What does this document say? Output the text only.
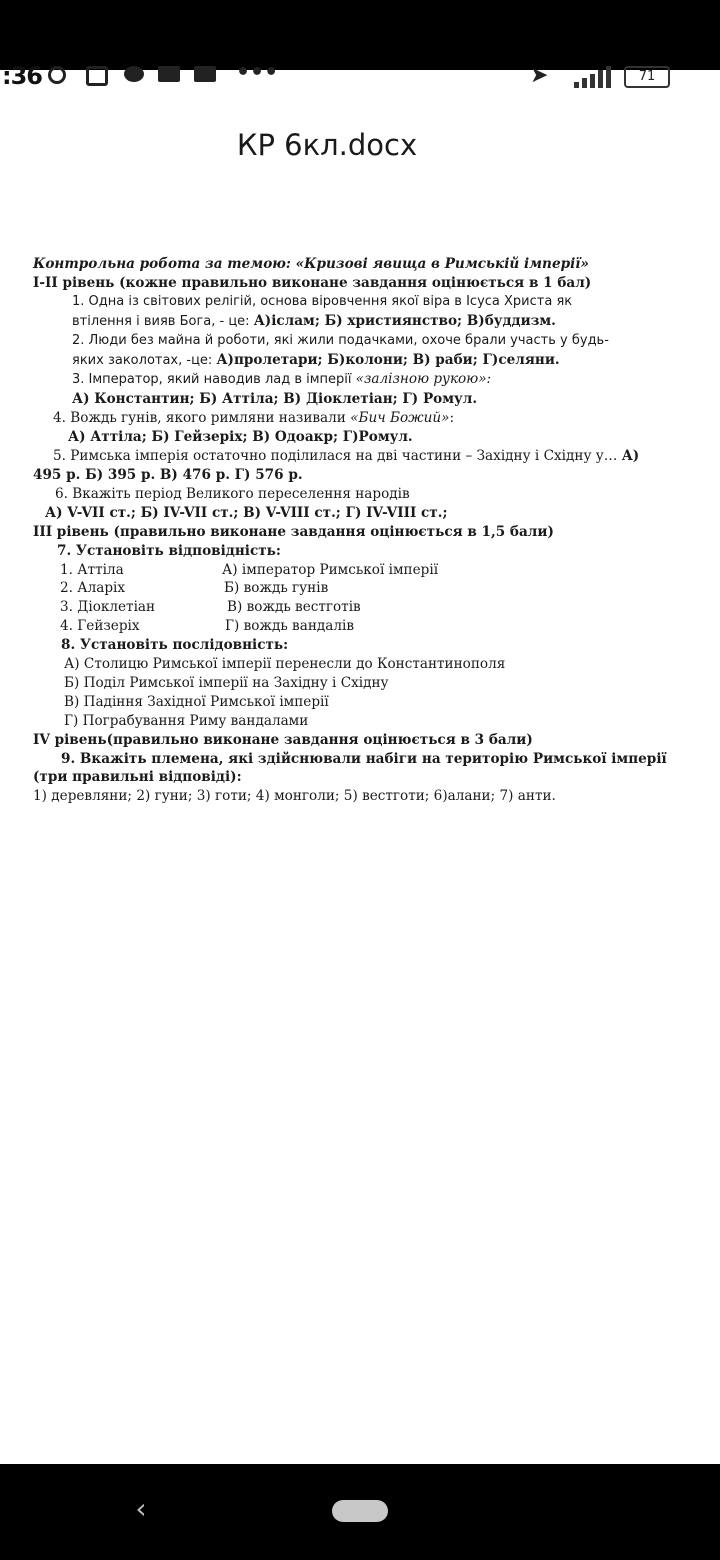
:36	•••	➤	71
КР 6кл.docx
Контрольна робота за темою: «Кризові явища в Римській імперії»
І-ІІ рівень (кожне правильно виконане завдання оцінюється в 1 бал)
1. Одна із світових релігій, основа віровчення якої віра в Ісуса Христа як
втілення і вияв Бога, - це: А)іслам; Б) християнство; В)буддизм.
2. Люди без майна й роботи, які жили подачками, охоче брали участь у будь-
яких заколотах, -це: А)пролетари; Б)колони; В) раби; Г)селяни.
3. Імператор, який наводив лад в імперії «залізною рукою»:
А) Константин; Б) Аттіла; В) Діоклетіан; Г) Ромул.
4. Вождь гунів, якого римляни називали «Бич Божий»:
А) Аттіла; Б) Гейзеріх; В) Одоакр; Г)Ромул.
5. Римська імперія остаточно поділилася на дві частини – Західну і Східну у… А)
495 р. Б) 395 р. В) 476 р. Г) 576 р.
6. Вкажіть період Великого переселення народів
А) V-VІІ ст.; Б) ІV-VІІ ст.; В) V-VІІІ ст.; Г) ІV-VІІІ ст.;
ІІІ рівень (правильно виконане завдання оцінюється в 1,5 бали)
7. Установіть відповідність:
1. Аттіла	А) імператор Римської імперії
2. Аларіх	Б) вождь гунів
3. Діоклетіан	В) вождь вестготів
4. Гейзеріх	Г) вождь вандалів
8. Установіть послідовність:
А) Столицю Римської імперії перенесли до Константинополя
Б) Поділ Римської імперії на Західну і Східну
В) Падіння Західної Римської імперії
Г) Пограбування Риму вандалами
IV рівень(правильно виконане завдання оцінюється в 3 бали)
9. Вкажіть племена, які здійснювали набіги на територію Римської імперії
(три правильні відповіді):
1) деревляни; 2) гуни; 3) готи; 4) монголи; 5) вестготи; 6)алани; 7) анти.
‹
